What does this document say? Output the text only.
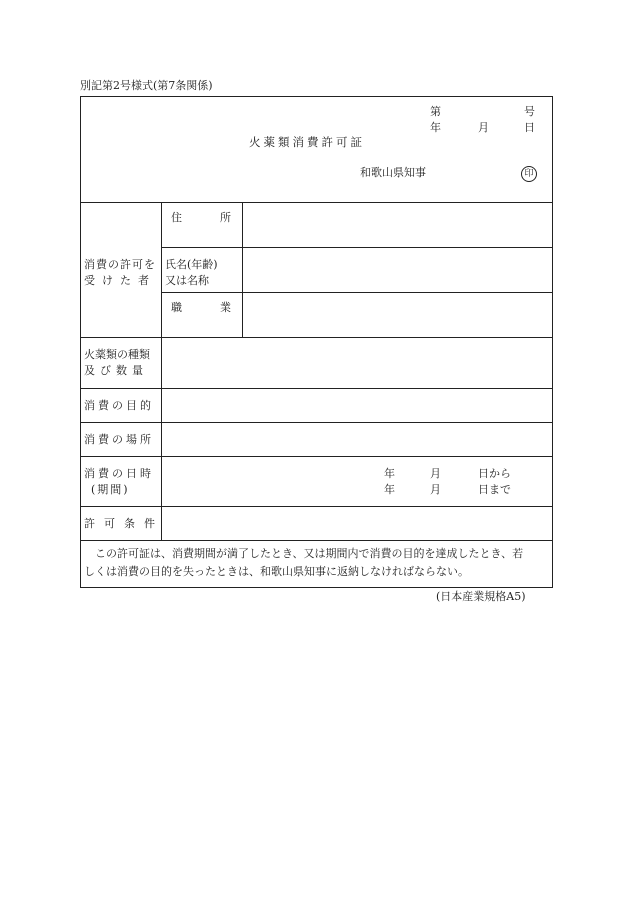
別記第2号様式(第7条関係)
第	号
年	月	日
火薬類消費許可証
和歌山県知事	印
消費の許可を
受けた者
住	所
氏名(年齢)
又は名称
職	業
火薬類の種類
及び数量
消費の目的
消費の場所
消費の日時
(期間)
年	月	日から
年	月	日まで
許可条件
この許可証は、消費期間が満了したとき、又は期間内で消費の目的を達成したとき、若しくは消費の目的を失ったときは、和歌山県知事に返納しなければならない。
(日本産業規格A5)
